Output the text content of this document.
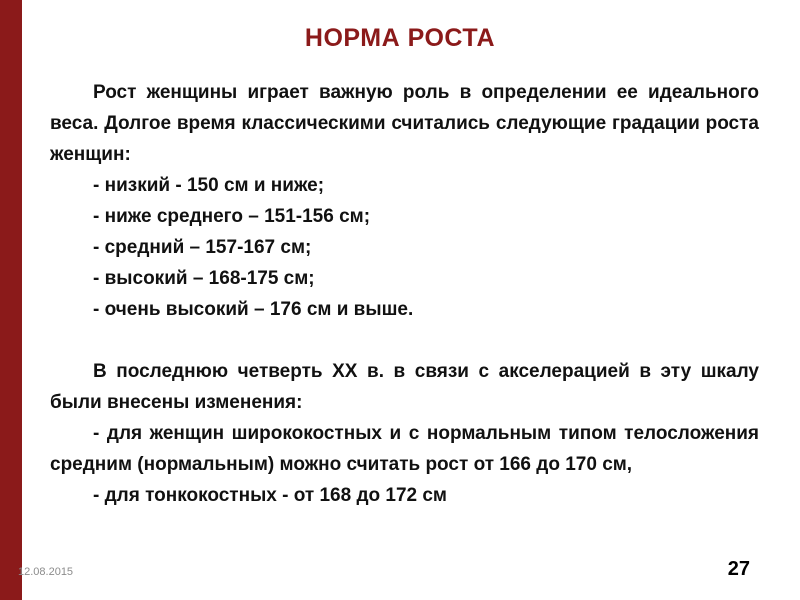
НОРМА РОСТА

Рост женщины играет важную роль в определении ее идеального веса. Долгое время классическими считались следующие градации роста женщин:

- низкий - 150 см и ниже;

- ниже среднего – 151-156 см;

- средний – 157-167 см;

- высокий – 168-175 см;

- очень высокий – 176 см и выше.

В последнюю четверть XX в. в связи с акселерацией в эту шкалу были внесены изменения:

- для женщин ширококостных и с нормальным типом телосложения средним (нормальным) можно считать рост от 166 до 170 см,

- для тонкокостных - от 168 до 172 см

12.08.2015	27
